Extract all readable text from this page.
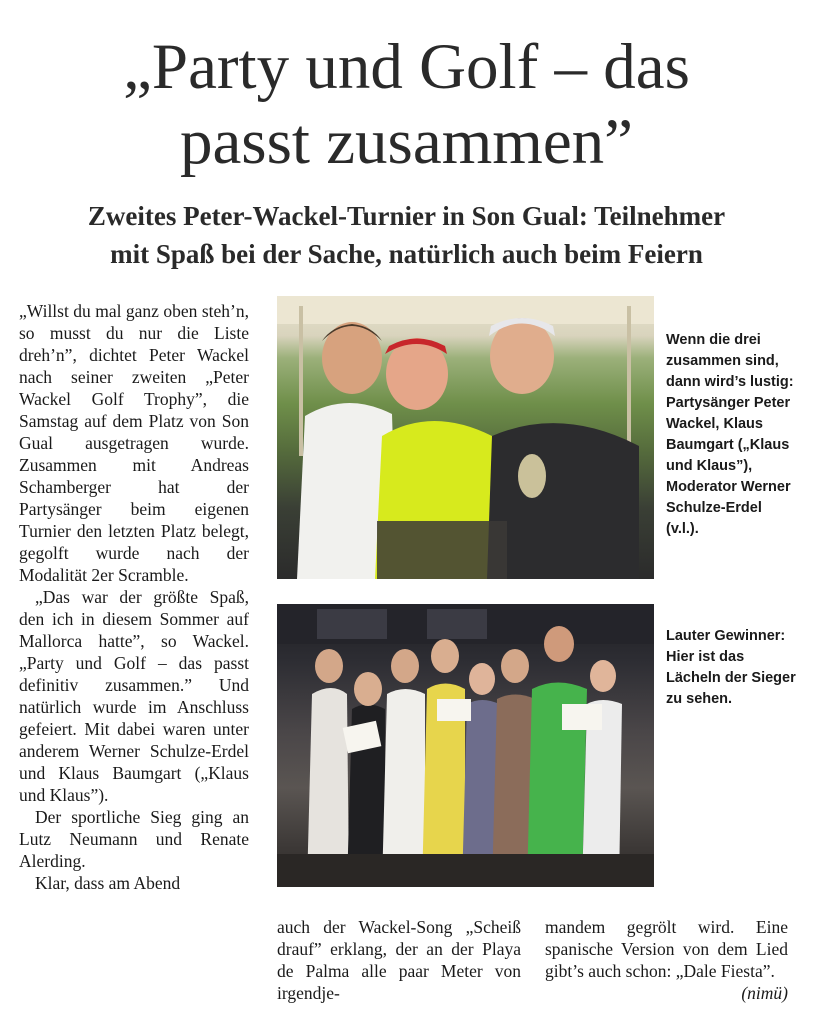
„Party und Golf – das
passt zusammen”
Zweites Peter-Wackel-Turnier in Son Gual: Teilnehmer
mit Spaß bei der Sache, natürlich auch beim Feiern

„Willst du mal ganz oben steh’n, so musst du nur die Liste dreh’n”, dichtet Peter Wackel nach seiner zweiten „Peter Wackel Golf Trophy”, die Samstag auf dem Platz von Son Gual ausgetragen wurde. Zusammen mit Andreas Schamberger hat der Partysänger beim eigenen Turnier den letzten Platz belegt, gegolft wurde nach der Modalität 2er Scramble.

„Das war der größte Spaß, den ich in diesem Sommer auf Mallorca hatte”, so Wackel. „Party und Golf – das passt definitiv zusammen.” Und natürlich wurde im Anschluss gefeiert. Mit dabei waren unter anderem Werner Schulze-Erdel und Klaus Baumgart („Klaus und Klaus”).

Der sportliche Sieg ging an Lutz Neumann und Renate Alerding.

Klar, dass am Abend

Wenn die drei zusammen sind, dann wird’s lustig: Partysänger Peter Wackel, Klaus Baumgart („Klaus und Klaus”), Moderator Werner Schulze-Erdel (v.l.).
Lauter Gewinner: Hier ist das Lächeln der Sieger zu sehen.

auch der Wackel-Song „Scheiß drauf” erklang, der an der Playa de Palma alle paar Meter von irgendje-

mandem gegrölt wird. Eine spanische Version von dem Lied gibt’s auch schon: „Dale Fiesta”.
(nimü)
